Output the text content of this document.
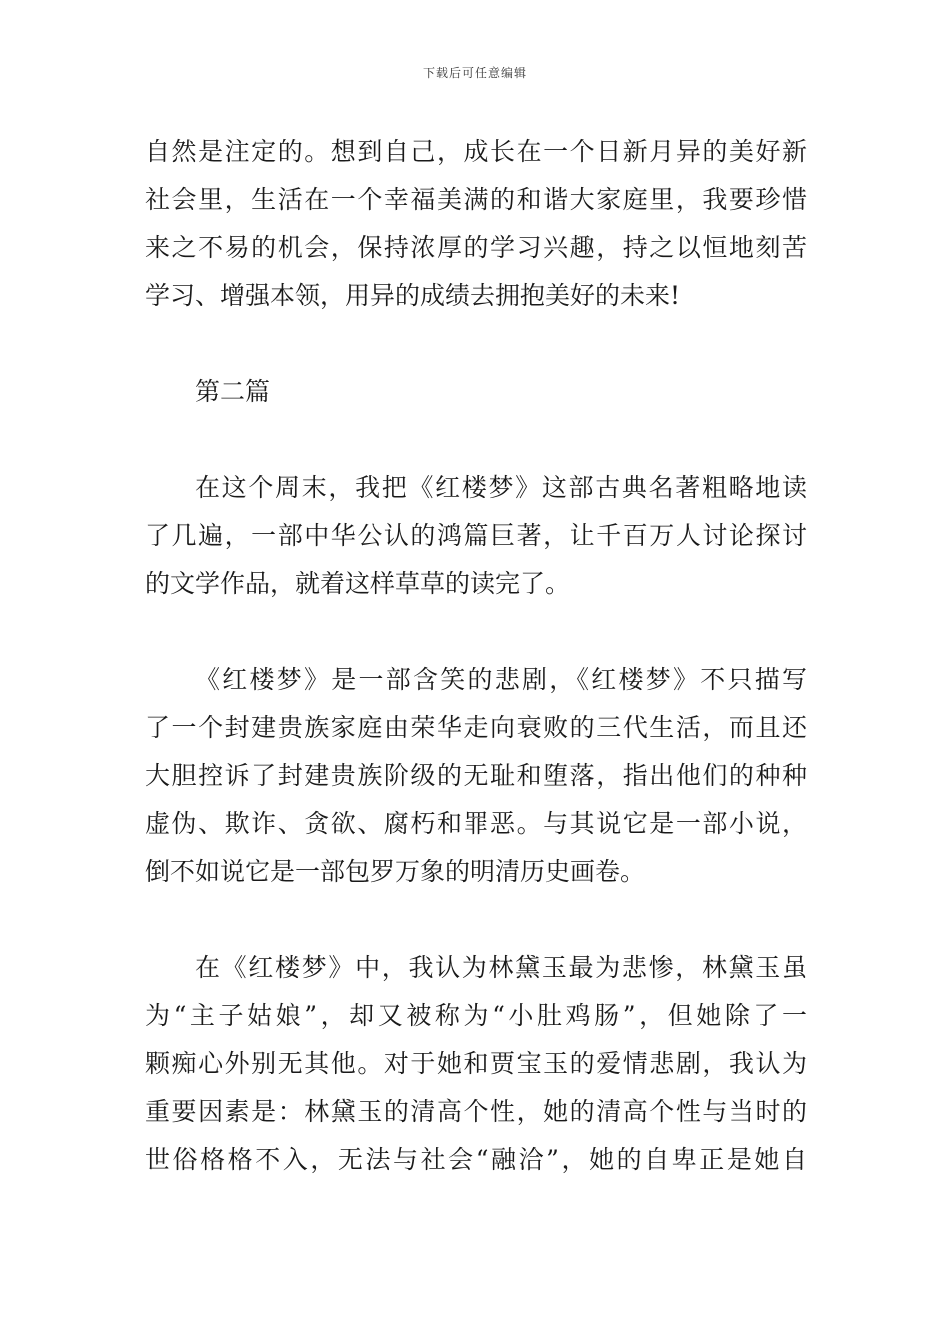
下载后可任意编辑
自然是注定的。想到自己，成长在一个日新月异的美好新
社会里，生活在一个幸福美满的和谐大家庭里，我要珍惜
来之不易的机会，保持浓厚的学习兴趣，持之以恒地刻苦
学习、增强本领，用异的成绩去拥抱美好的未来!
第二篇
在这个周末，我把《红楼梦》这部古典名著粗略地读
了几遍，一部中华公认的鸿篇巨著，让千百万人讨论探讨
的文学作品，就着这样草草的读完了。
《红楼梦》是一部含笑的悲剧，《红楼梦》不只描写
了一个封建贵族家庭由荣华走向衰败的三代生活，而且还
大胆控诉了封建贵族阶级的无耻和堕落，指出他们的种种
虚伪、欺诈、贪欲、腐朽和罪恶。与其说它是一部小说，
倒不如说它是一部包罗万象的明清历史画卷。
在《红楼梦》中，我认为林黛玉最为悲惨，林黛玉虽
为“主子姑娘”，却又被称为“小肚鸡肠”，但她除了一
颗痴心外别无其他。对于她和贾宝玉的爱情悲剧，我认为
重要因素是：林黛玉的清高个性，她的清高个性与当时的
世俗格格不入，无法与社会“融洽”，她的自卑正是她自
